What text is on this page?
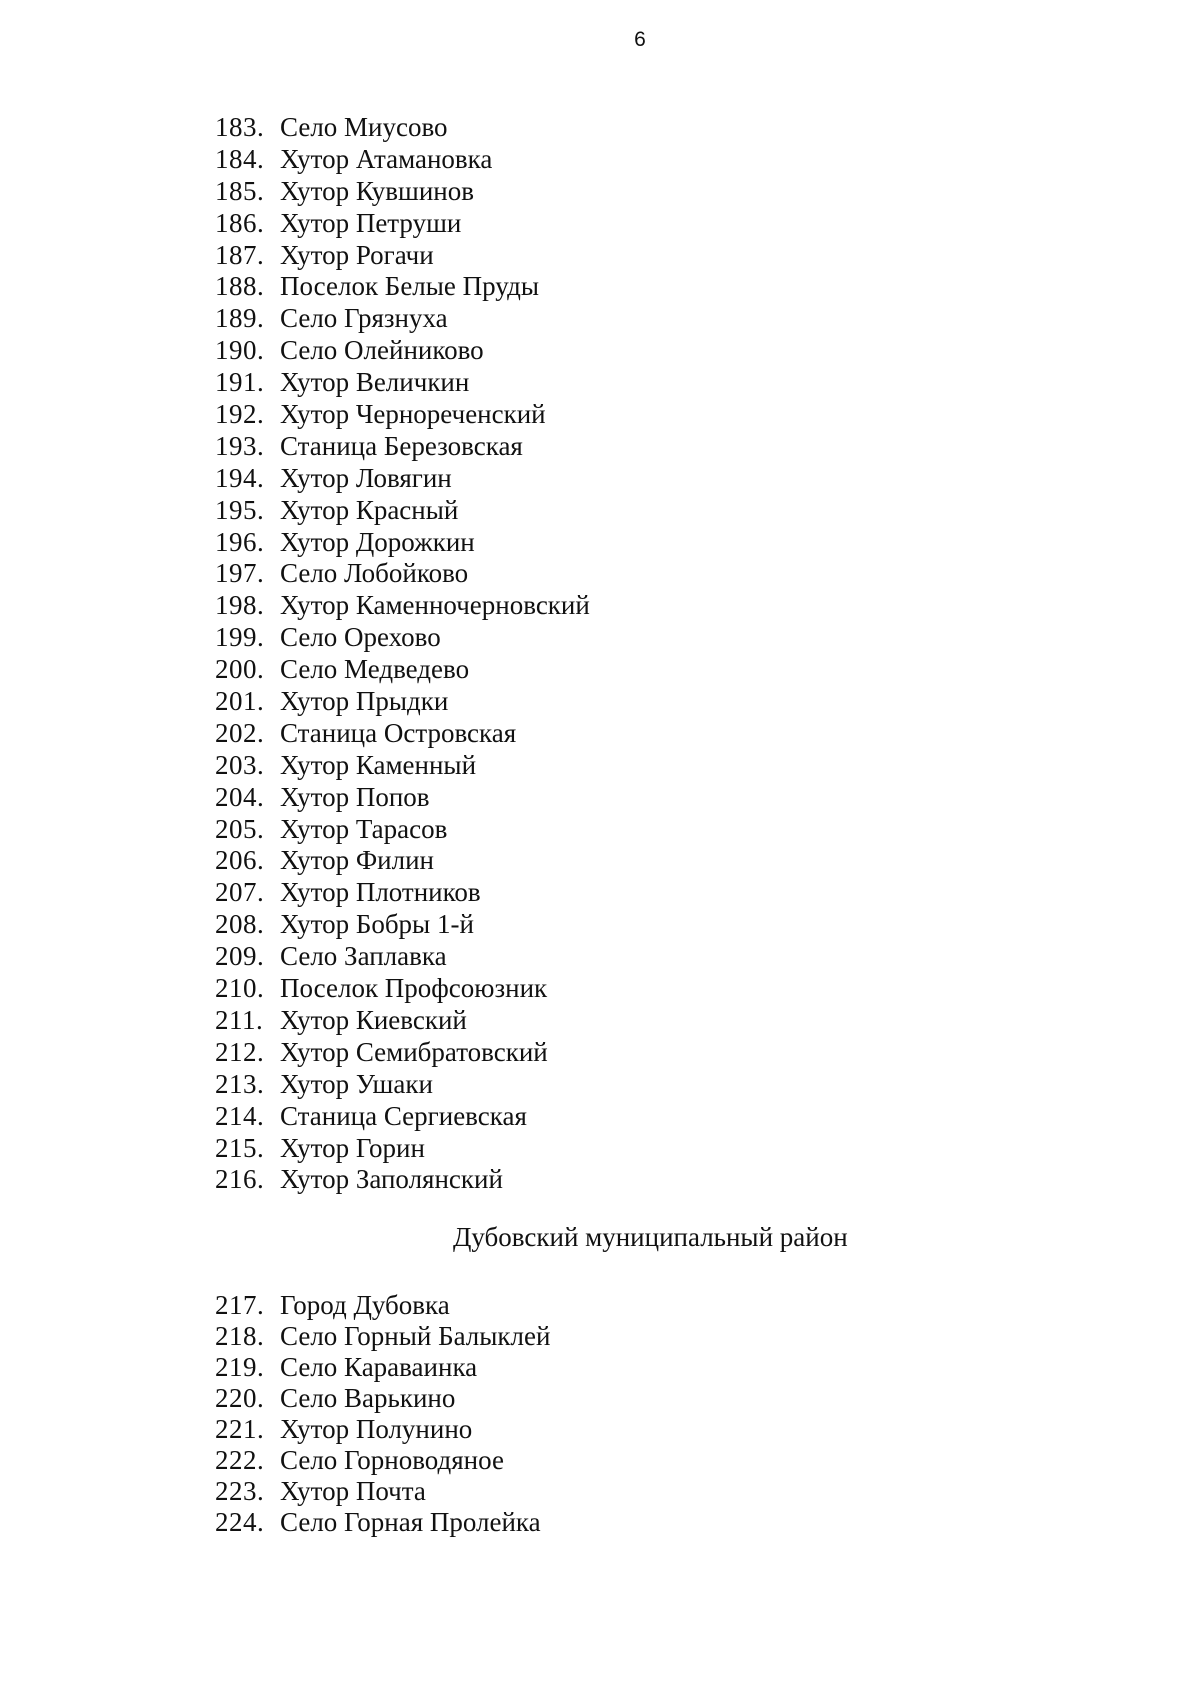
6
183. Село Миусово
184. Хутор Атамановка
185. Хутор Кувшинов
186. Хутор Петруши
187. Хутор Рогачи
188. Поселок Белые Пруды
189. Село Грязнуха
190. Село Олейниково
191. Хутор Величкин
192. Хутор Чернореченский
193. Станица Березовская
194. Хутор Ловягин
195. Хутор Красный
196. Хутор Дорожкин
197. Село Лобойково
198. Хутор Каменночерновский
199. Село Орехово
200. Село Медведево
201. Хутор Прыдки
202. Станица Островская
203. Хутор Каменный
204. Хутор Попов
205. Хутор Тарасов
206. Хутор Филин
207. Хутор Плотников
208. Хутор Бобры 1-й
209. Село Заплавка
210. Поселок Профсоюзник
211. Хутор Киевский
212. Хутор Семибратовский
213. Хутор Ушаки
214. Станица Сергиевская
215. Хутор Горин
216. Хутор Заполянский
Дубовский муниципальный район
217. Город Дубовка
218. Село Горный Балыклей
219. Село Караваинка
220. Село Варькино
221. Хутор Полунино
222. Село Горноводяное
223. Хутор Почта
224. Село Горная Пролейка
